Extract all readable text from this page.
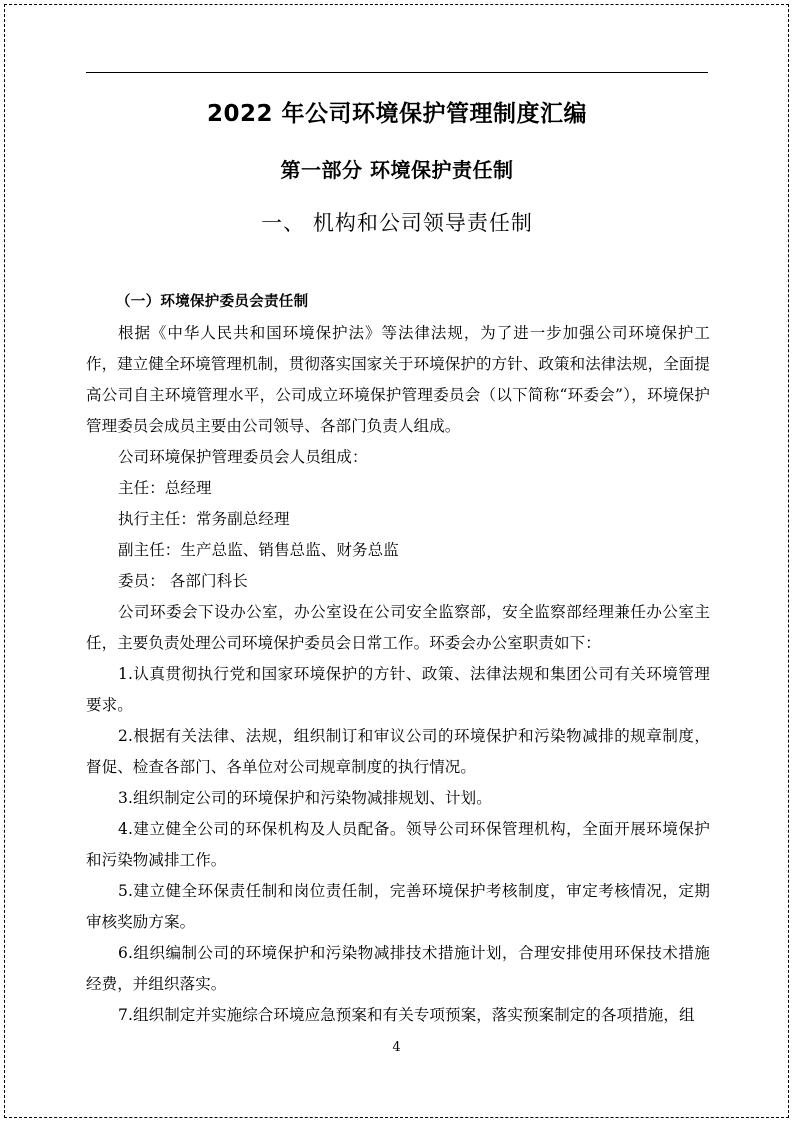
2022 年公司环境保护管理制度汇编
第一部分 环境保护责任制
一、 机构和公司领导责任制
（一）环境保护委员会责任制

根据《中华人民共和国环境保护法》等法律法规，为了进一步加强公司环境保护工作，建立健全环境管理机制，贯彻落实国家关于环境保护的方针、政策和法律法规，全面提高公司自主环境管理水平，公司成立环境保护管理委员会（以下简称“环委会”），环境保护管理委员会成员主要由公司领导、各部门负责人组成。

公司环境保护管理委员会人员组成：

主任：总经理

执行主任：常务副总经理

副主任：生产总监、销售总监、财务总监

委员： 各部门科长

公司环委会下设办公室，办公室设在公司安全监察部，安全监察部经理兼任办公室主任，主要负责处理公司环境保护委员会日常工作。环委会办公室职责如下：

1.认真贯彻执行党和国家环境保护的方针、政策、法律法规和集团公司有关环境管理要求。

2.根据有关法律、法规，组织制订和审议公司的环境保护和污染物减排的规章制度，督促、检查各部门、各单位对公司规章制度的执行情况。

3.组织制定公司的环境保护和污染物减排规划、计划。

4.建立健全公司的环保机构及人员配备。领导公司环保管理机构，全面开展环境保护和污染物减排工作。

5.建立健全环保责任制和岗位责任制，完善环境保护考核制度，审定考核情况，定期审核奖励方案。

6.组织编制公司的环境保护和污染物减排技术措施计划，合理安排使用环保技术措施经费，并组织落实。

7.组织制定并实施综合环境应急预案和有关专项预案，落实预案制定的各项措施，组

4
